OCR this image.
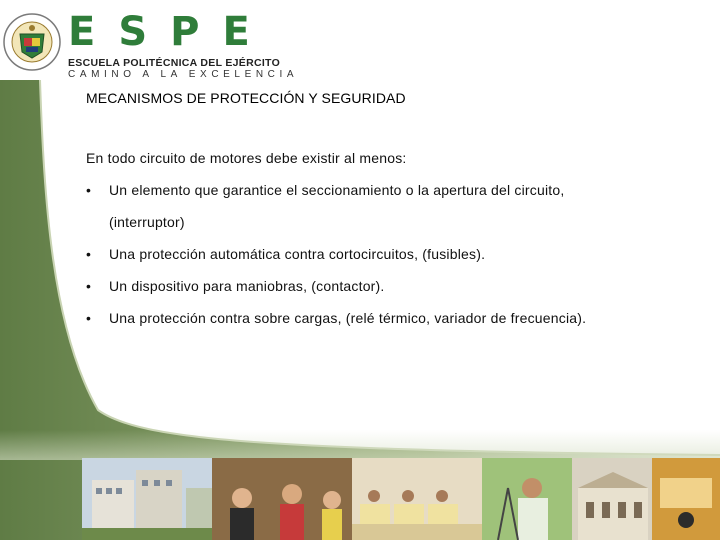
ESPE
ESCUELA POLITÉCNICA DEL EJÉRCITO
CAMINO A LA EXCELENCIA
MECANISMOS DE PROTECCIÓN Y SEGURIDAD

En todo circuito de motores debe existir al menos:

• Un elemento que garantice el seccionamiento o la apertura del circuito,
(interruptor)
• Una protección automática contra cortocircuitos, (fusibles).
• Un dispositivo para maniobras, (contactor).
• Una protección contra sobre cargas, (relé térmico, variador de frecuencia).
